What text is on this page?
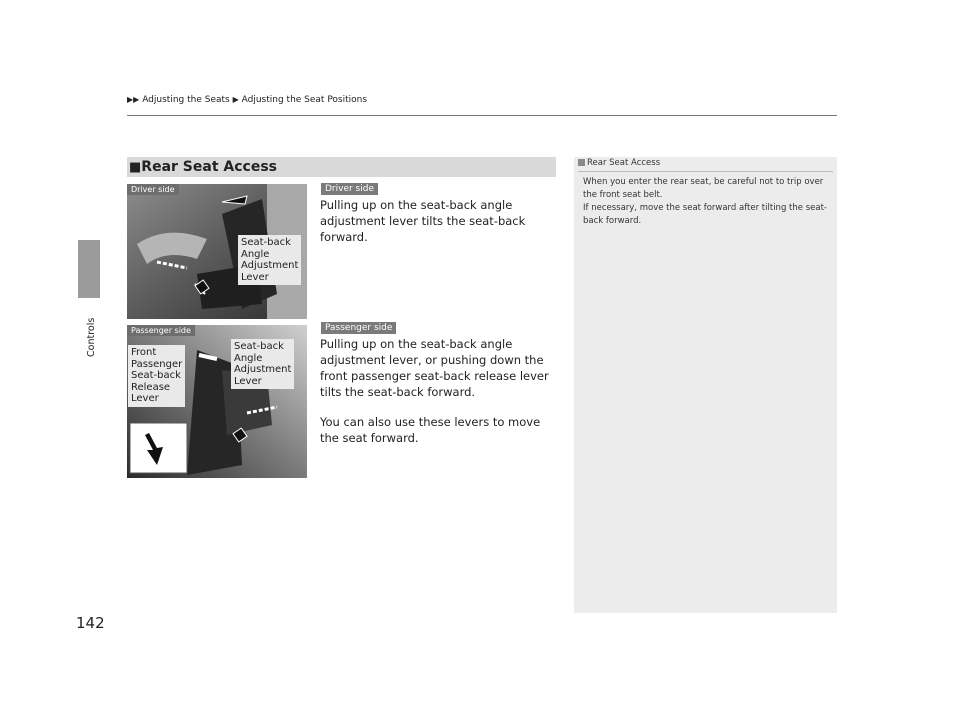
▶▶ Adjusting the Seats ▶ Adjusting the Seat Positions
Controls
142
■Rear Seat Access
Driver side
Seat-back
Angle
Adjustment
Lever
Passenger side
Front
Passenger
Seat-back
Release
Lever
Seat-back
Angle
Adjustment
Lever
Driver side
Pulling up on the seat-back angle adjustment lever tilts the seat-back forward.
Passenger side
Pulling up on the seat-back angle adjustment lever, or pushing down the front passenger seat-back release lever tilts the seat-back forward.
You can also use these levers to move the seat forward.
Rear Seat Access
When you enter the rear seat, be careful not to trip over the front seat belt.
If necessary, move the seat forward after tilting the seat-back forward.
